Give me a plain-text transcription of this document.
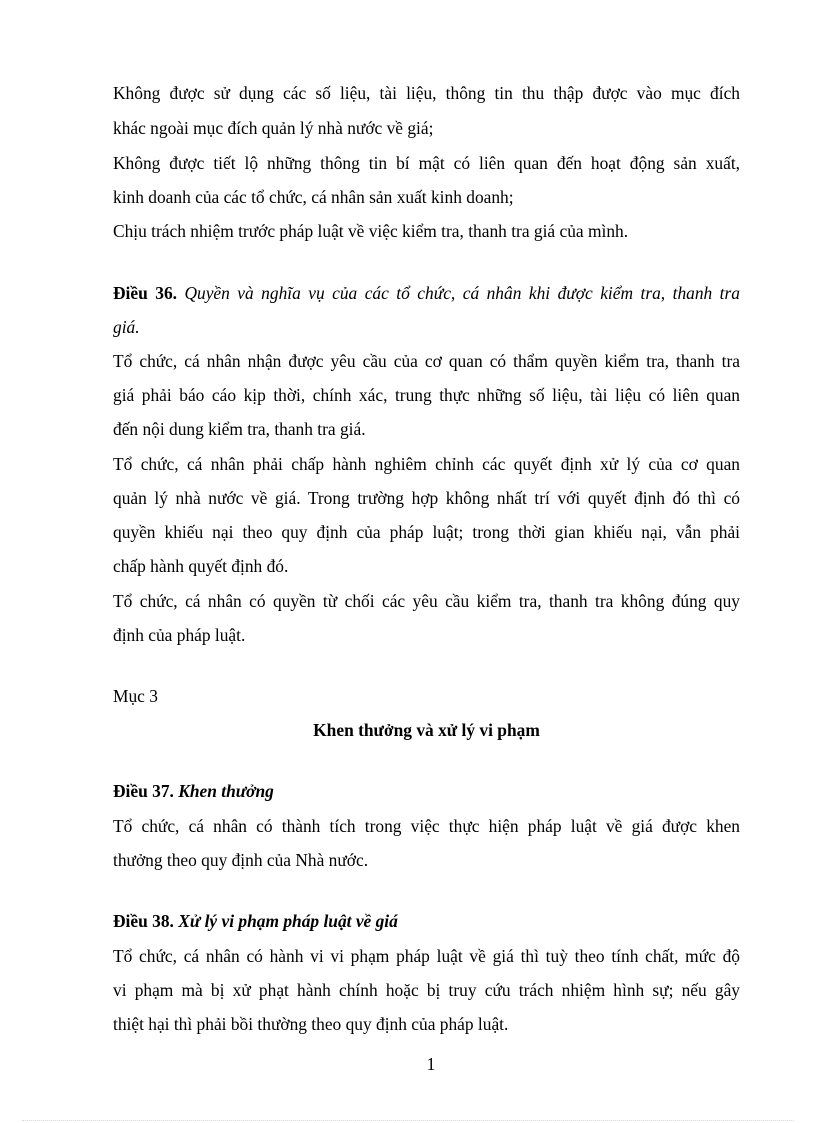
Không được sử dụng các số liệu, tài liệu, thông tin thu thập được vào mục đích
khác ngoài mục đích quản lý nhà nước về giá;
Không được tiết lộ những thông tin bí mật có liên quan đến hoạt động sản xuất,
kinh doanh của các tổ chức, cá nhân sản xuất kinh doanh;
Chịu trách nhiệm trước pháp luật về việc kiểm tra, thanh tra giá của mình.
Điều 36. Quyền và nghĩa vụ của các tổ chức, cá nhân khi được kiểm tra, thanh tra
giá.
Tổ chức, cá nhân nhận được yêu cầu của cơ quan có thẩm quyền kiểm tra, thanh tra
giá phải báo cáo kịp thời, chính xác, trung thực những số liệu, tài liệu có liên quan
đến nội dung kiểm tra, thanh tra giá.
Tổ chức, cá nhân phải chấp hành nghiêm chỉnh các quyết định xử lý của cơ quan
quản lý nhà nước về giá. Trong trường hợp không nhất trí với quyết định đó thì có
quyền khiếu nại theo quy định của pháp luật; trong thời gian khiếu nại, vẫn phải
chấp hành quyết định đó.
Tổ chức, cá nhân có quyền từ chối các yêu cầu kiểm tra, thanh tra không đúng quy
định của pháp luật.
Mục 3
Khen thưởng và xử lý vi phạm
Điều 37. Khen thưởng
Tổ chức, cá nhân có thành tích trong việc thực hiện pháp luật về giá được khen
thưởng theo quy định của Nhà nước.
Điều 38. Xử lý vi phạm pháp luật về giá
Tổ chức, cá nhân có hành vi vi phạm pháp luật về giá thì tuỳ theo tính chất, mức độ
vi phạm mà bị xử phạt hành chính hoặc bị truy cứu trách nhiệm hình sự; nếu gây
thiệt hại thì phải bồi thường theo quy định của pháp luật.
1
